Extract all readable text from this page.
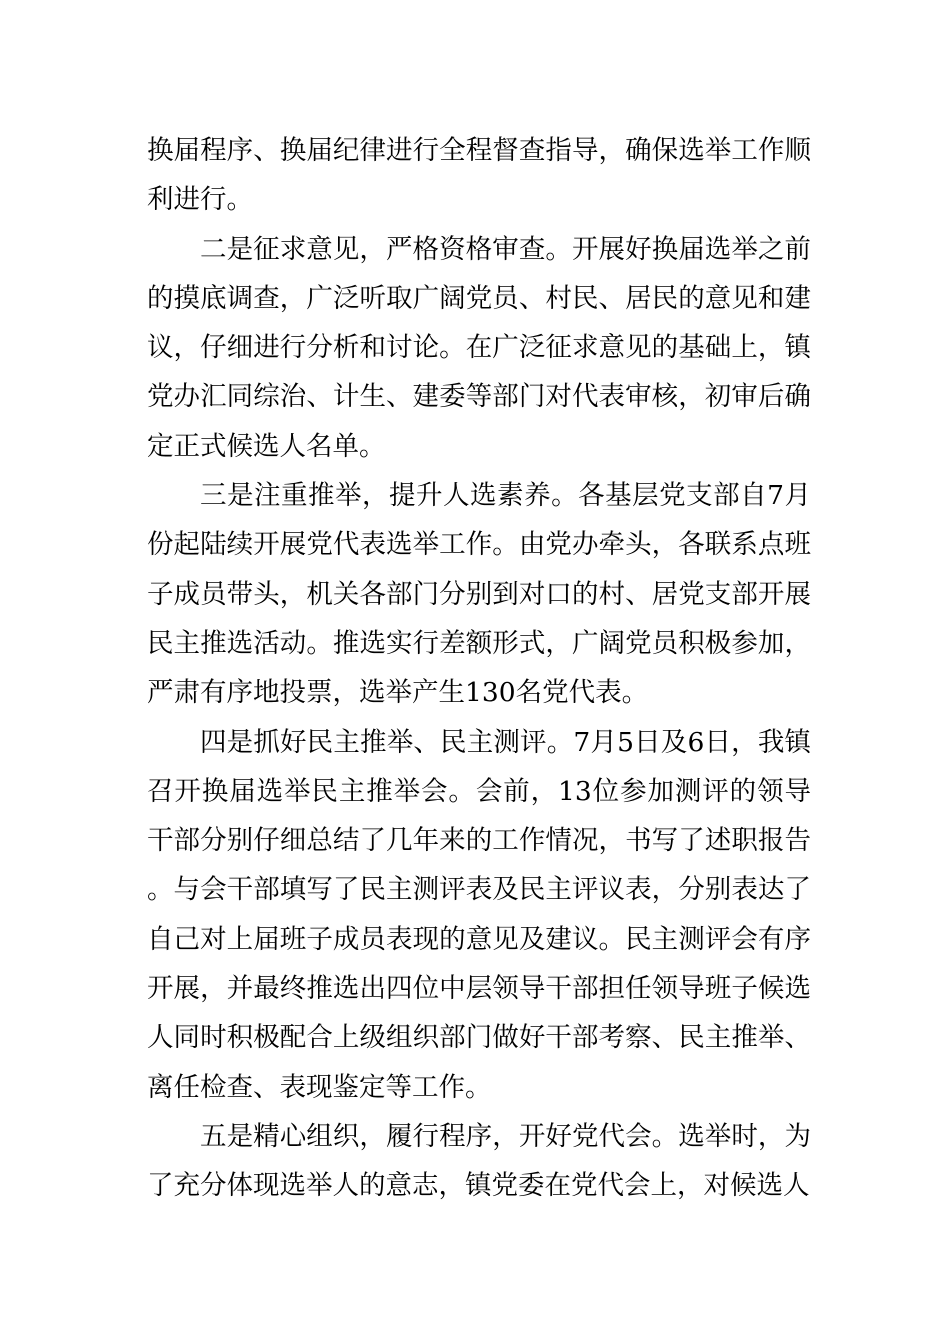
换届程序、换届纪律进行全程督查指导，确保选举工作顺利进行。

二是征求意见，严格资格审查。开展好换届选举之前的摸底调查，广泛听取广阔党员、村民、居民的意见和建议，仔细进行分析和讨论。在广泛征求意见的基础上，镇党办汇同综治、计生、建委等部门对代表审核，初审后确定正式候选人名单。

三是注重推举，提升人选素养。各基层党支部自7月份起陆续开展党代表选举工作。由党办牵头，各联系点班子成员带头，机关各部门分别到对口的村、居党支部开展民主推选活动。推选实行差额形式，广阔党员积极参加，严肃有序地投票，选举产生130名党代表。

四是抓好民主推举、民主测评。7月5日及6日，我镇召开换届选举民主推举会。会前，13位参加测评的领导干部分别仔细总结了几年来的工作情况，书写了述职报告。与会干部填写了民主测评表及民主评议表，分别表达了自己对上届班子成员表现的意见及建议。民主测评会有序开展，并最终推选出四位中层领导干部担任领导班子候选人同时积极配合上级组织部门做好干部考察、民主推举、离任检查、表现鉴定等工作。

五是精心组织，履行程序，开好党代会。选举时，为了充分体现选举人的意志，镇党委在党代会上，对候选人
